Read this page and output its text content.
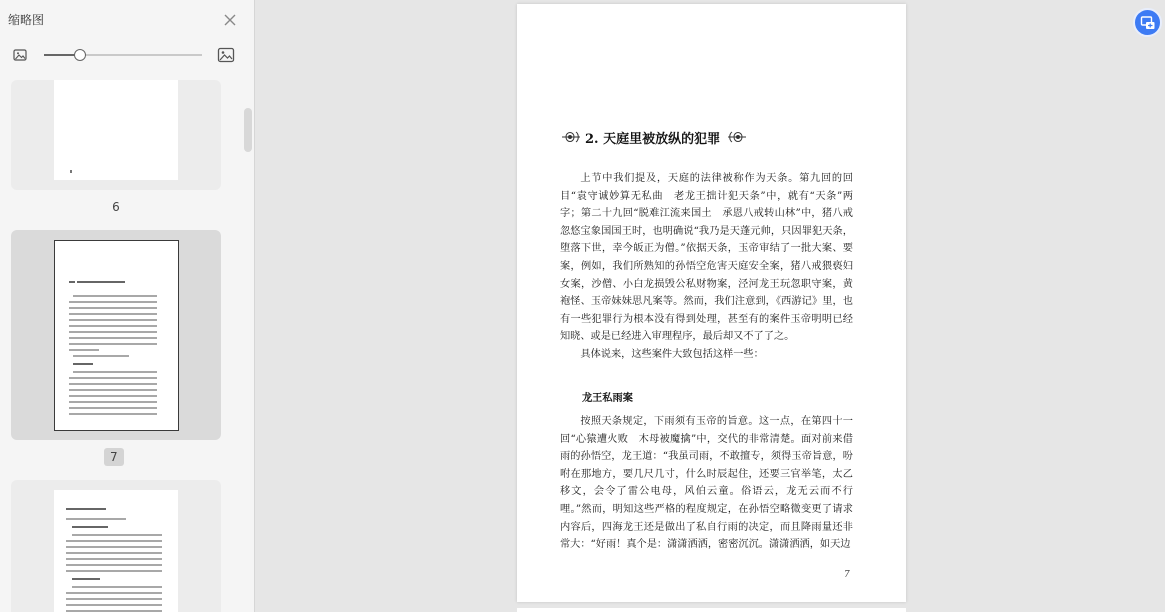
缩略图
6
7
2. 天庭里被放纵的犯罪

上节中我们提及，天庭的法律被称作为天条。第九回的回目“袁守诚妙算无私曲　老龙王拙计犯天条”中，就有“天条”两字；第二十九回“脱难江流来国土　承恩八戒转山林”中，猪八戒忽悠宝象国国王时，也明确说“我乃是天蓬元帅，只因罪犯天条，堕落下世，幸今皈正为僧。”依据天条，玉帝审结了一批大案、要案，例如，我们所熟知的孙悟空危害天庭安全案，猪八戒猥亵妇女案，沙僧、小白龙损毁公私财物案，泾河龙王玩忽职守案，黄袍怪、玉帝妹妹思凡案等。然而，我们注意到，《西游记》里，也有一些犯罪行为根本没有得到处理，甚至有的案件玉帝明明已经知晓、或是已经进入审理程序，最后却又不了了之。

具体说来，这些案件大致包括这样一些：

龙王私雨案

按照天条规定，下雨须有玉帝的旨意。这一点，在第四十一回“心猿遭火败　木母被魔擒”中，交代的非常清楚。面对前来借雨的孙悟空，龙王道：“我虽司雨，不敢擅专，须得玉帝旨意，吩咐在那地方，要几尺几寸，什么时辰起住，还要三官举笔，太乙移文，会令了雷公电母，风伯云童。俗语云，龙无云而不行哩。”然而，明知这些严格的程度规定，在孙悟空略微变更了请求内容后，四海龙王还是做出了私自行雨的决定，而且降雨量还非常大：“好雨！真个是：潇潇洒洒，密密沉沉。潇潇洒洒，如天边

7
